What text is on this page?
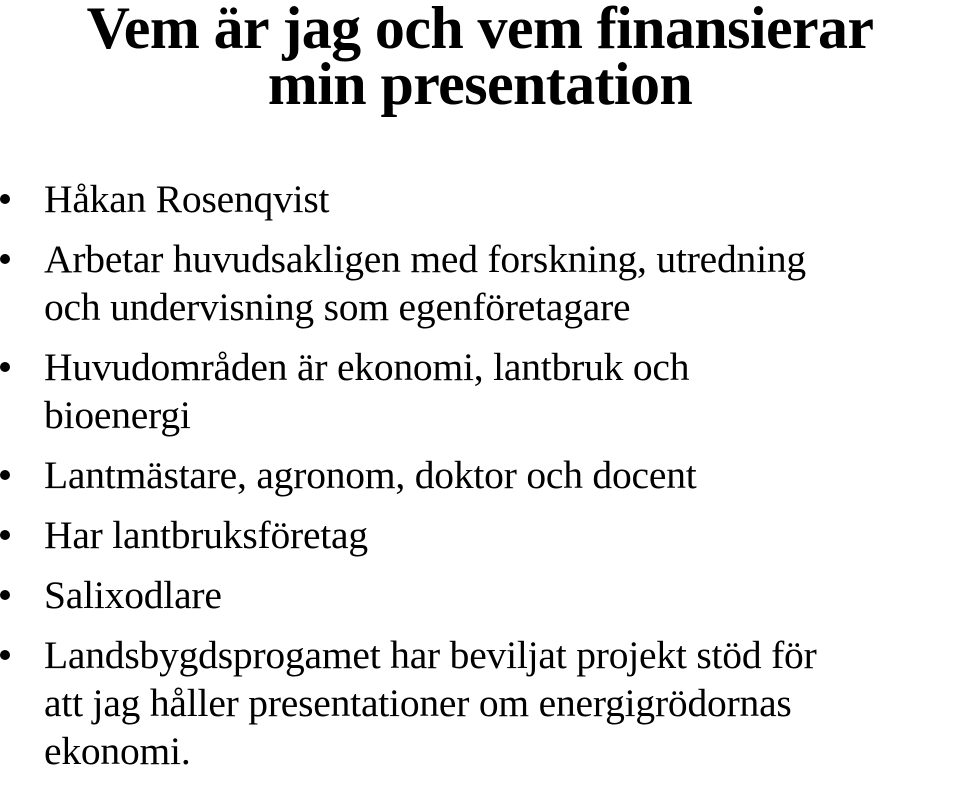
Vem är jag och vem finansierar
min presentation
Håkan Rosenqvist
Arbetar huvudsakligen med forskning, utredning
och undervisning som egenföretagare
Huvudområden är ekonomi, lantbruk och
bioenergi
Lantmästare, agronom, doktor och docent
Har lantbruksföretag
Salixodlare
Landsbygdsprogamet har beviljat projekt stöd för
att jag håller presentationer om energigrödornas
ekonomi.
